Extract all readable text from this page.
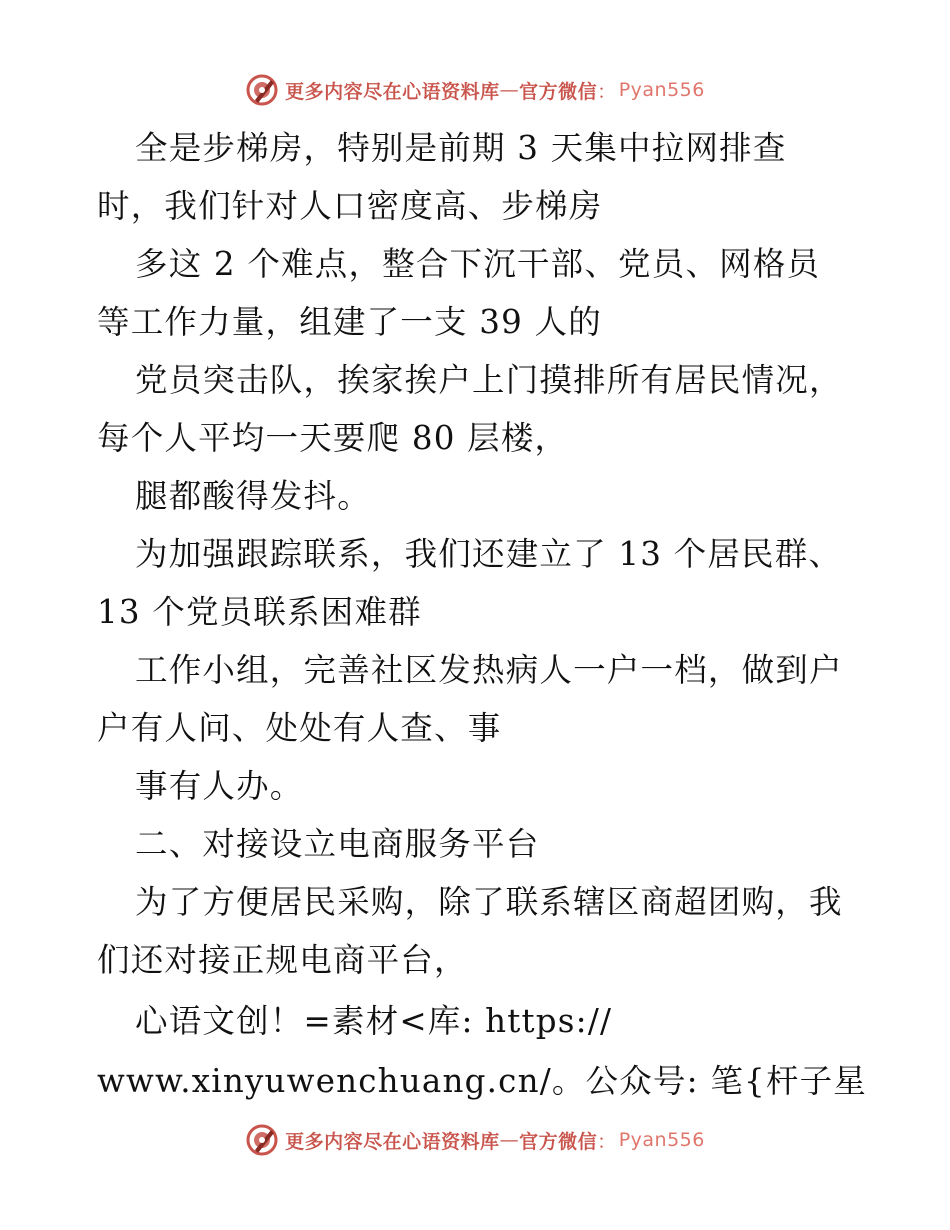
更多内容尽在心语资料库 — 官方微信 ： Pyan556
全是步梯房，特别是前期 3 天集中拉网排查
时，我们针对人口密度高、步梯房
多这 2 个难点，整合下沉干部、党员、网格员
等工作力量，组建了一支 39 人的
党员突击队，挨家挨户上门摸排所有居民情况，
每个人平均一天要爬 80 层楼，
腿都酸得发抖。
为加强跟踪联系，我们还建立了 13 个居民群、
13 个党员联系困难群
工作小组，完善社区发热病人一户一档，做到户
户有人问、处处有人查、事
事有人办。
二、对接设立电商服务平台
为了方便居民采购，除了联系辖区商超团购，我
们还对接正规电商平台，
心语文创！=素材<库: https://
www.xinyuwenchuang.cn/。公众号: 笔{杆子星
更多内容尽在心语资料库 — 官方微信 ： Pyan556
